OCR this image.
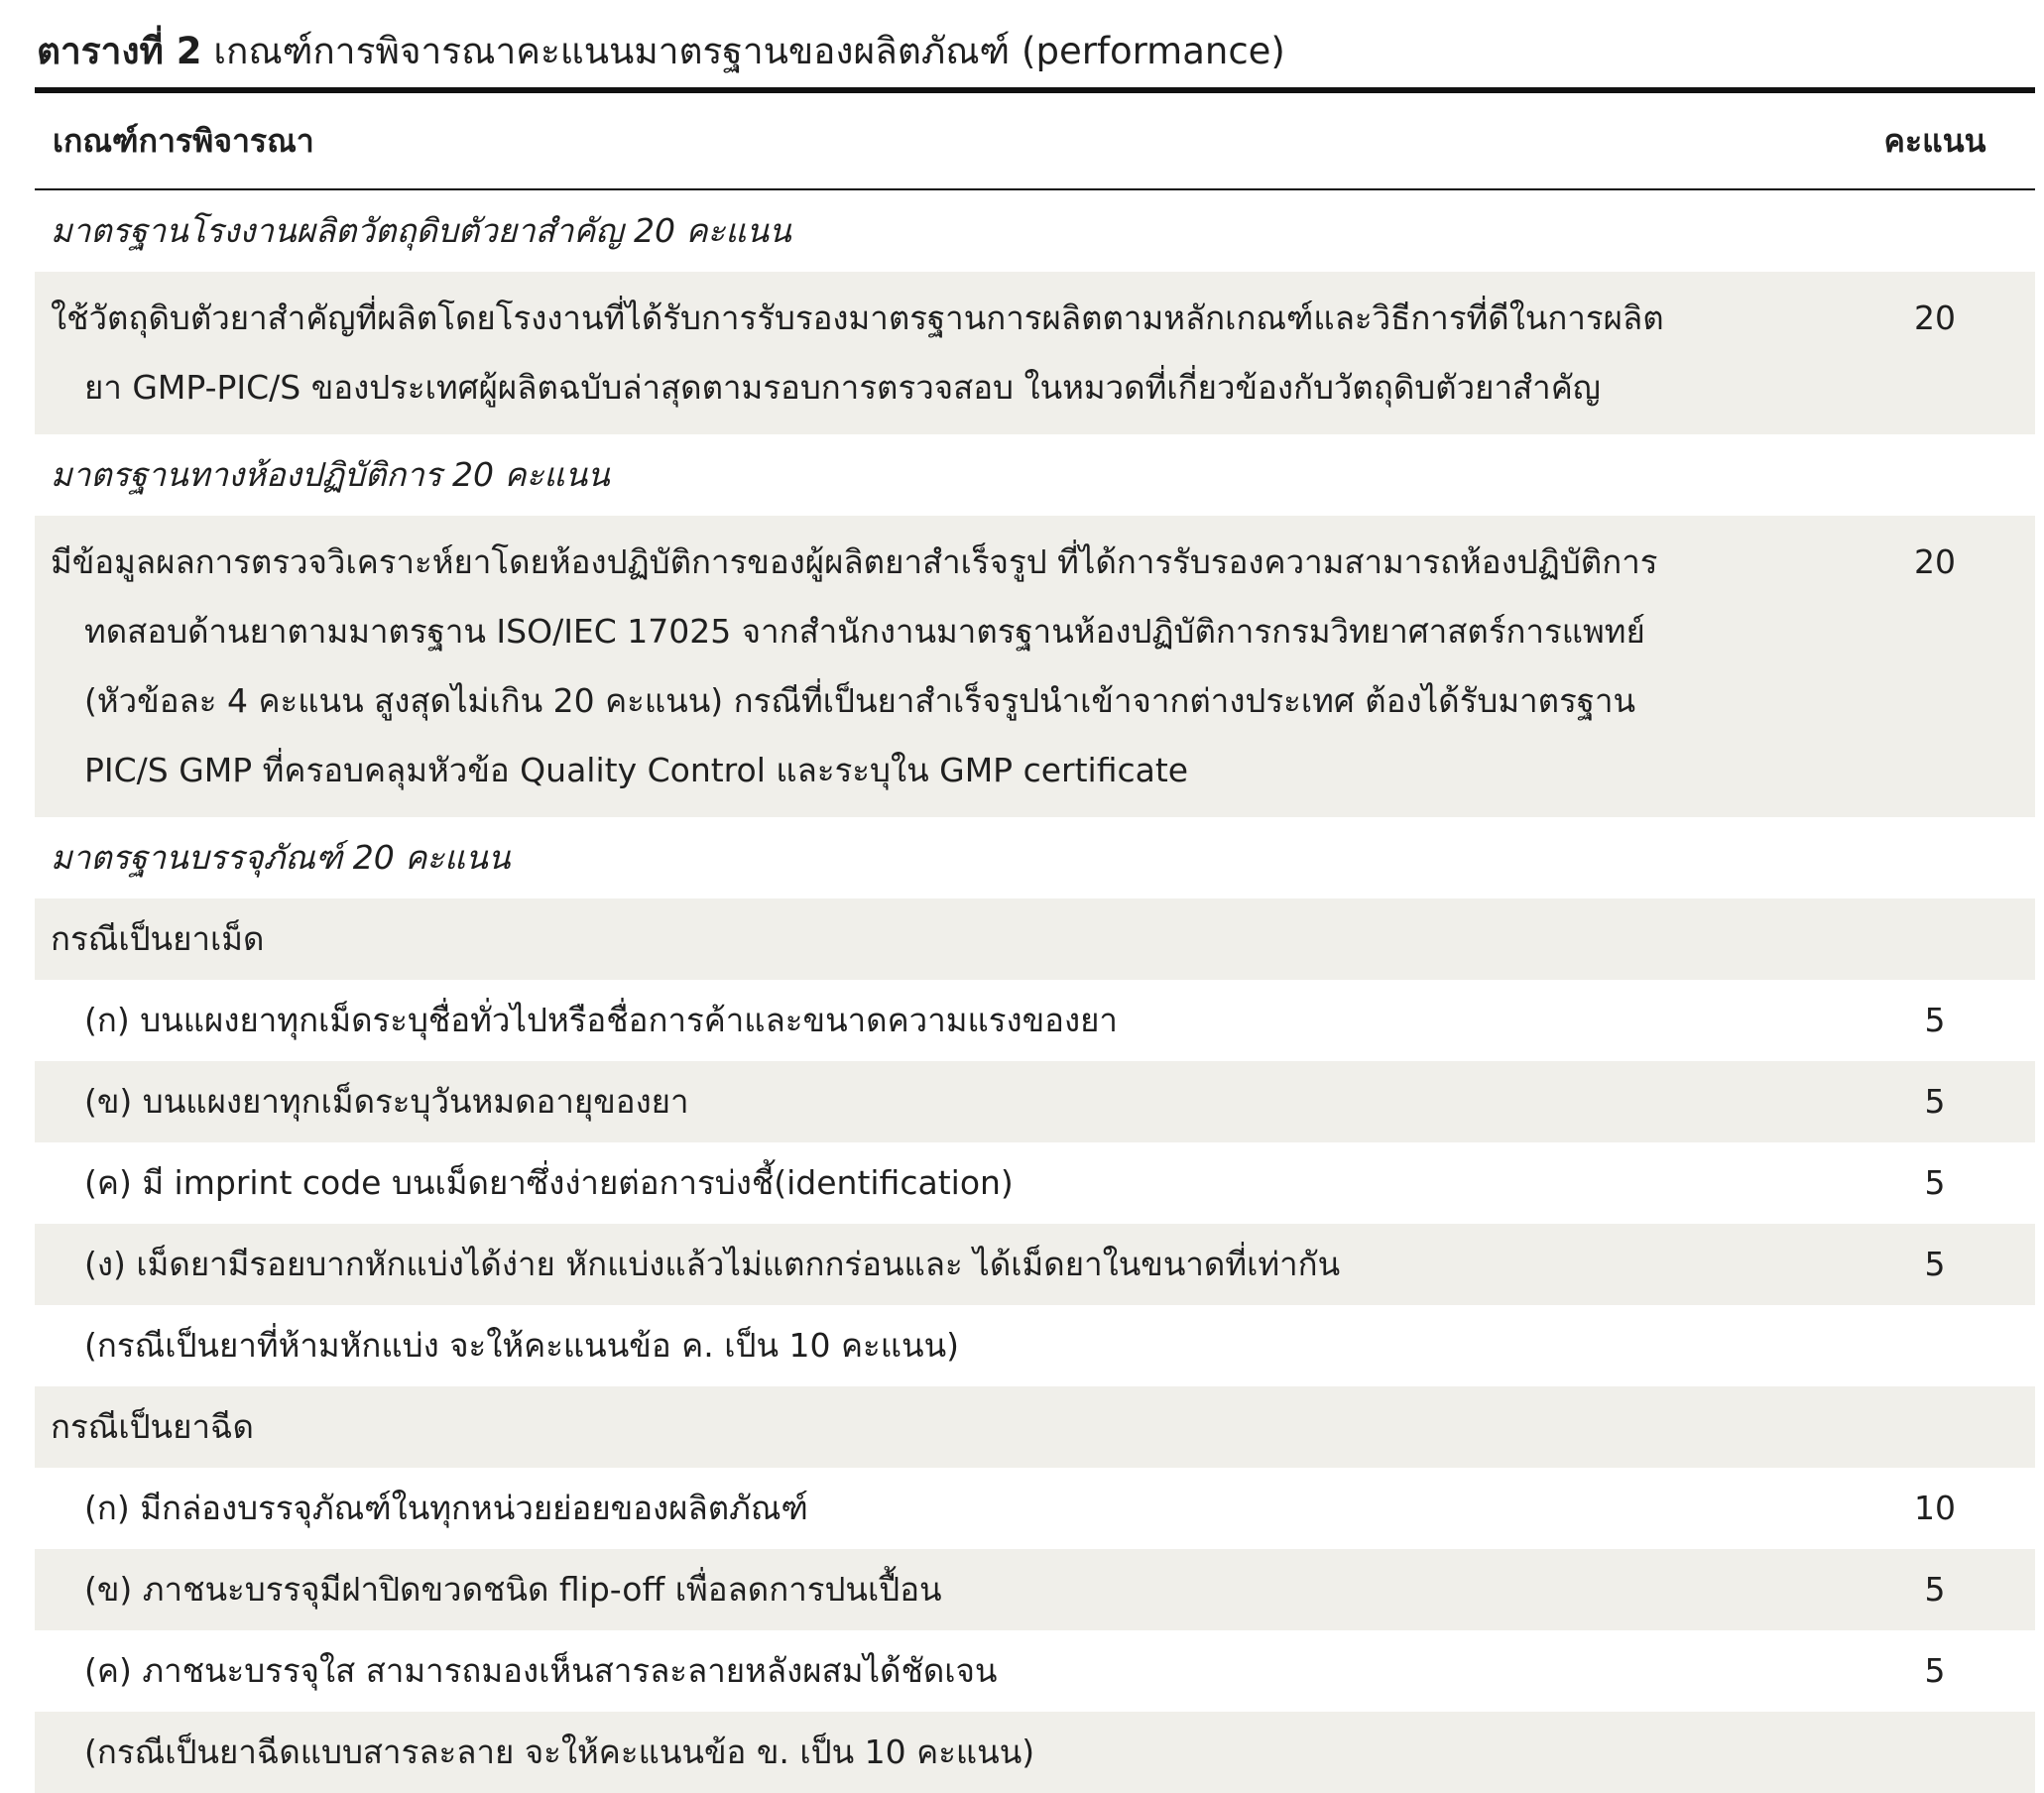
ตารางที่ 2 เกณฑ์การพิจารณาคะแนนมาตรฐานของผลิตภัณฑ์ (performance)
เกณฑ์การพิจารณา	คะแนน
มาตรฐานโรงงานผลิตวัตถุดิบตัวยาสำคัญ 20 คะแนน	

ใช้วัตถุดิบตัวยาสำคัญที่ผลิตโดยโรงงานที่ได้รับการรับรองมาตรฐานการผลิตตามหลักเกณฑ์และวิธีการที่ดีในการผลิต
ยา GMP-PIC/S ของประเทศผู้ผลิตฉบับล่าสุดตามรอบการตรวจสอบ ในหมวดที่เกี่ยวข้องกับวัตถุดิบตัวยาสำคัญ	20
มาตรฐานทางห้องปฏิบัติการ 20 คะแนน	

มีข้อมูลผลการตรวจวิเคราะห์ยาโดยห้องปฏิบัติการของผู้ผลิตยาสำเร็จรูป ที่ได้การรับรองความสามารถห้องปฏิบัติการ
ทดสอบด้านยาตามมาตรฐาน ISO/IEC 17025 จากสำนักงานมาตรฐานห้องปฏิบัติการกรมวิทยาศาสตร์การแพทย์
(หัวข้อละ 4 คะแนน สูงสุดไม่เกิน 20 คะแนน) กรณีที่เป็นยาสำเร็จรูปนำเข้าจากต่างประเทศ ต้องได้รับมาตรฐาน
PIC/S GMP ที่ครอบคลุมหัวข้อ Quality Control และระบุใน GMP certificate	20
มาตรฐานบรรจุภัณฑ์ 20 คะแนน	
กรณีเป็นยาเม็ด	
(ก) บนแผงยาทุกเม็ดระบุชื่อทั่วไปหรือชื่อการค้าและขนาดความแรงของยา	5
(ข) บนแผงยาทุกเม็ดระบุวันหมดอายุของยา	5
(ค) มี imprint code บนเม็ดยาซึ่งง่ายต่อการบ่งชี้(identification)	5
(ง) เม็ดยามีรอยบากหักแบ่งได้ง่าย หักแบ่งแล้วไม่แตกกร่อนและ ได้เม็ดยาในขนาดที่เท่ากัน	5
(กรณีเป็นยาที่ห้ามหักแบ่ง จะให้คะแนนข้อ ค. เป็น 10 คะแนน)	
กรณีเป็นยาฉีด	
(ก) มีกล่องบรรจุภัณฑ์ในทุกหน่วยย่อยของผลิตภัณฑ์	10
(ข) ภาชนะบรรจุมีฝาปิดขวดชนิด flip-off เพื่อลดการปนเปื้อน	5
(ค) ภาชนะบรรจุใส สามารถมองเห็นสารละลายหลังผสมได้ชัดเจน	5
(กรณีเป็นยาฉีดแบบสารละลาย จะให้คะแนนข้อ ข. เป็น 10 คะแนน)	
